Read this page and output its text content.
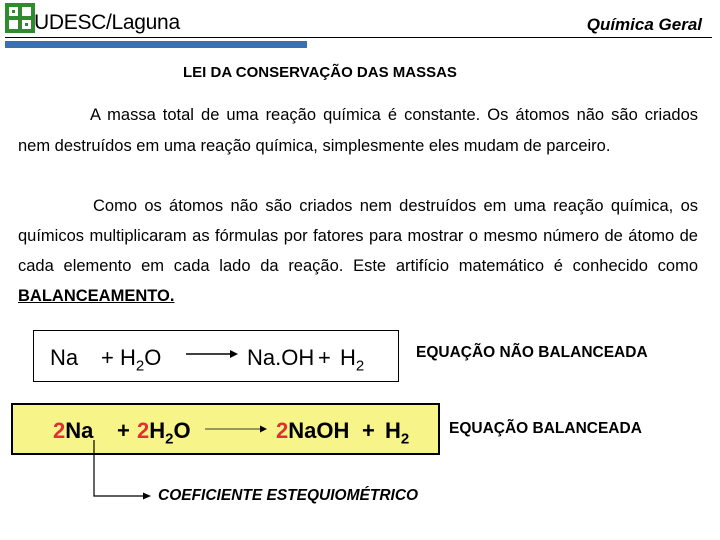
UDESC/Laguna	Química Geral
LEI DA CONSERVAÇÃO DAS MASSAS
A massa total de uma reação química é constante. Os átomos não são criados nem destruídos em uma reação química, simplesmente eles mudam de parceiro.
Como os átomos não são criados nem destruídos em uma reação química, os químicos multiplicaram as fórmulas por fatores para mostrar o mesmo número de átomo de cada elemento em cada lado da reação. Este artifício matemático é conhecido como BALANCEAMENTO.
$Na + H_2O \to Na.OH + H_2$
EQUAÇÃO NÃO BALANCEADA
$2Na + 2H_2O$ → 2NaOH + $H_2$
EQUAÇÃO BALANCEADA
COEFICIENTE ESTEQUIOMÉTRICO
